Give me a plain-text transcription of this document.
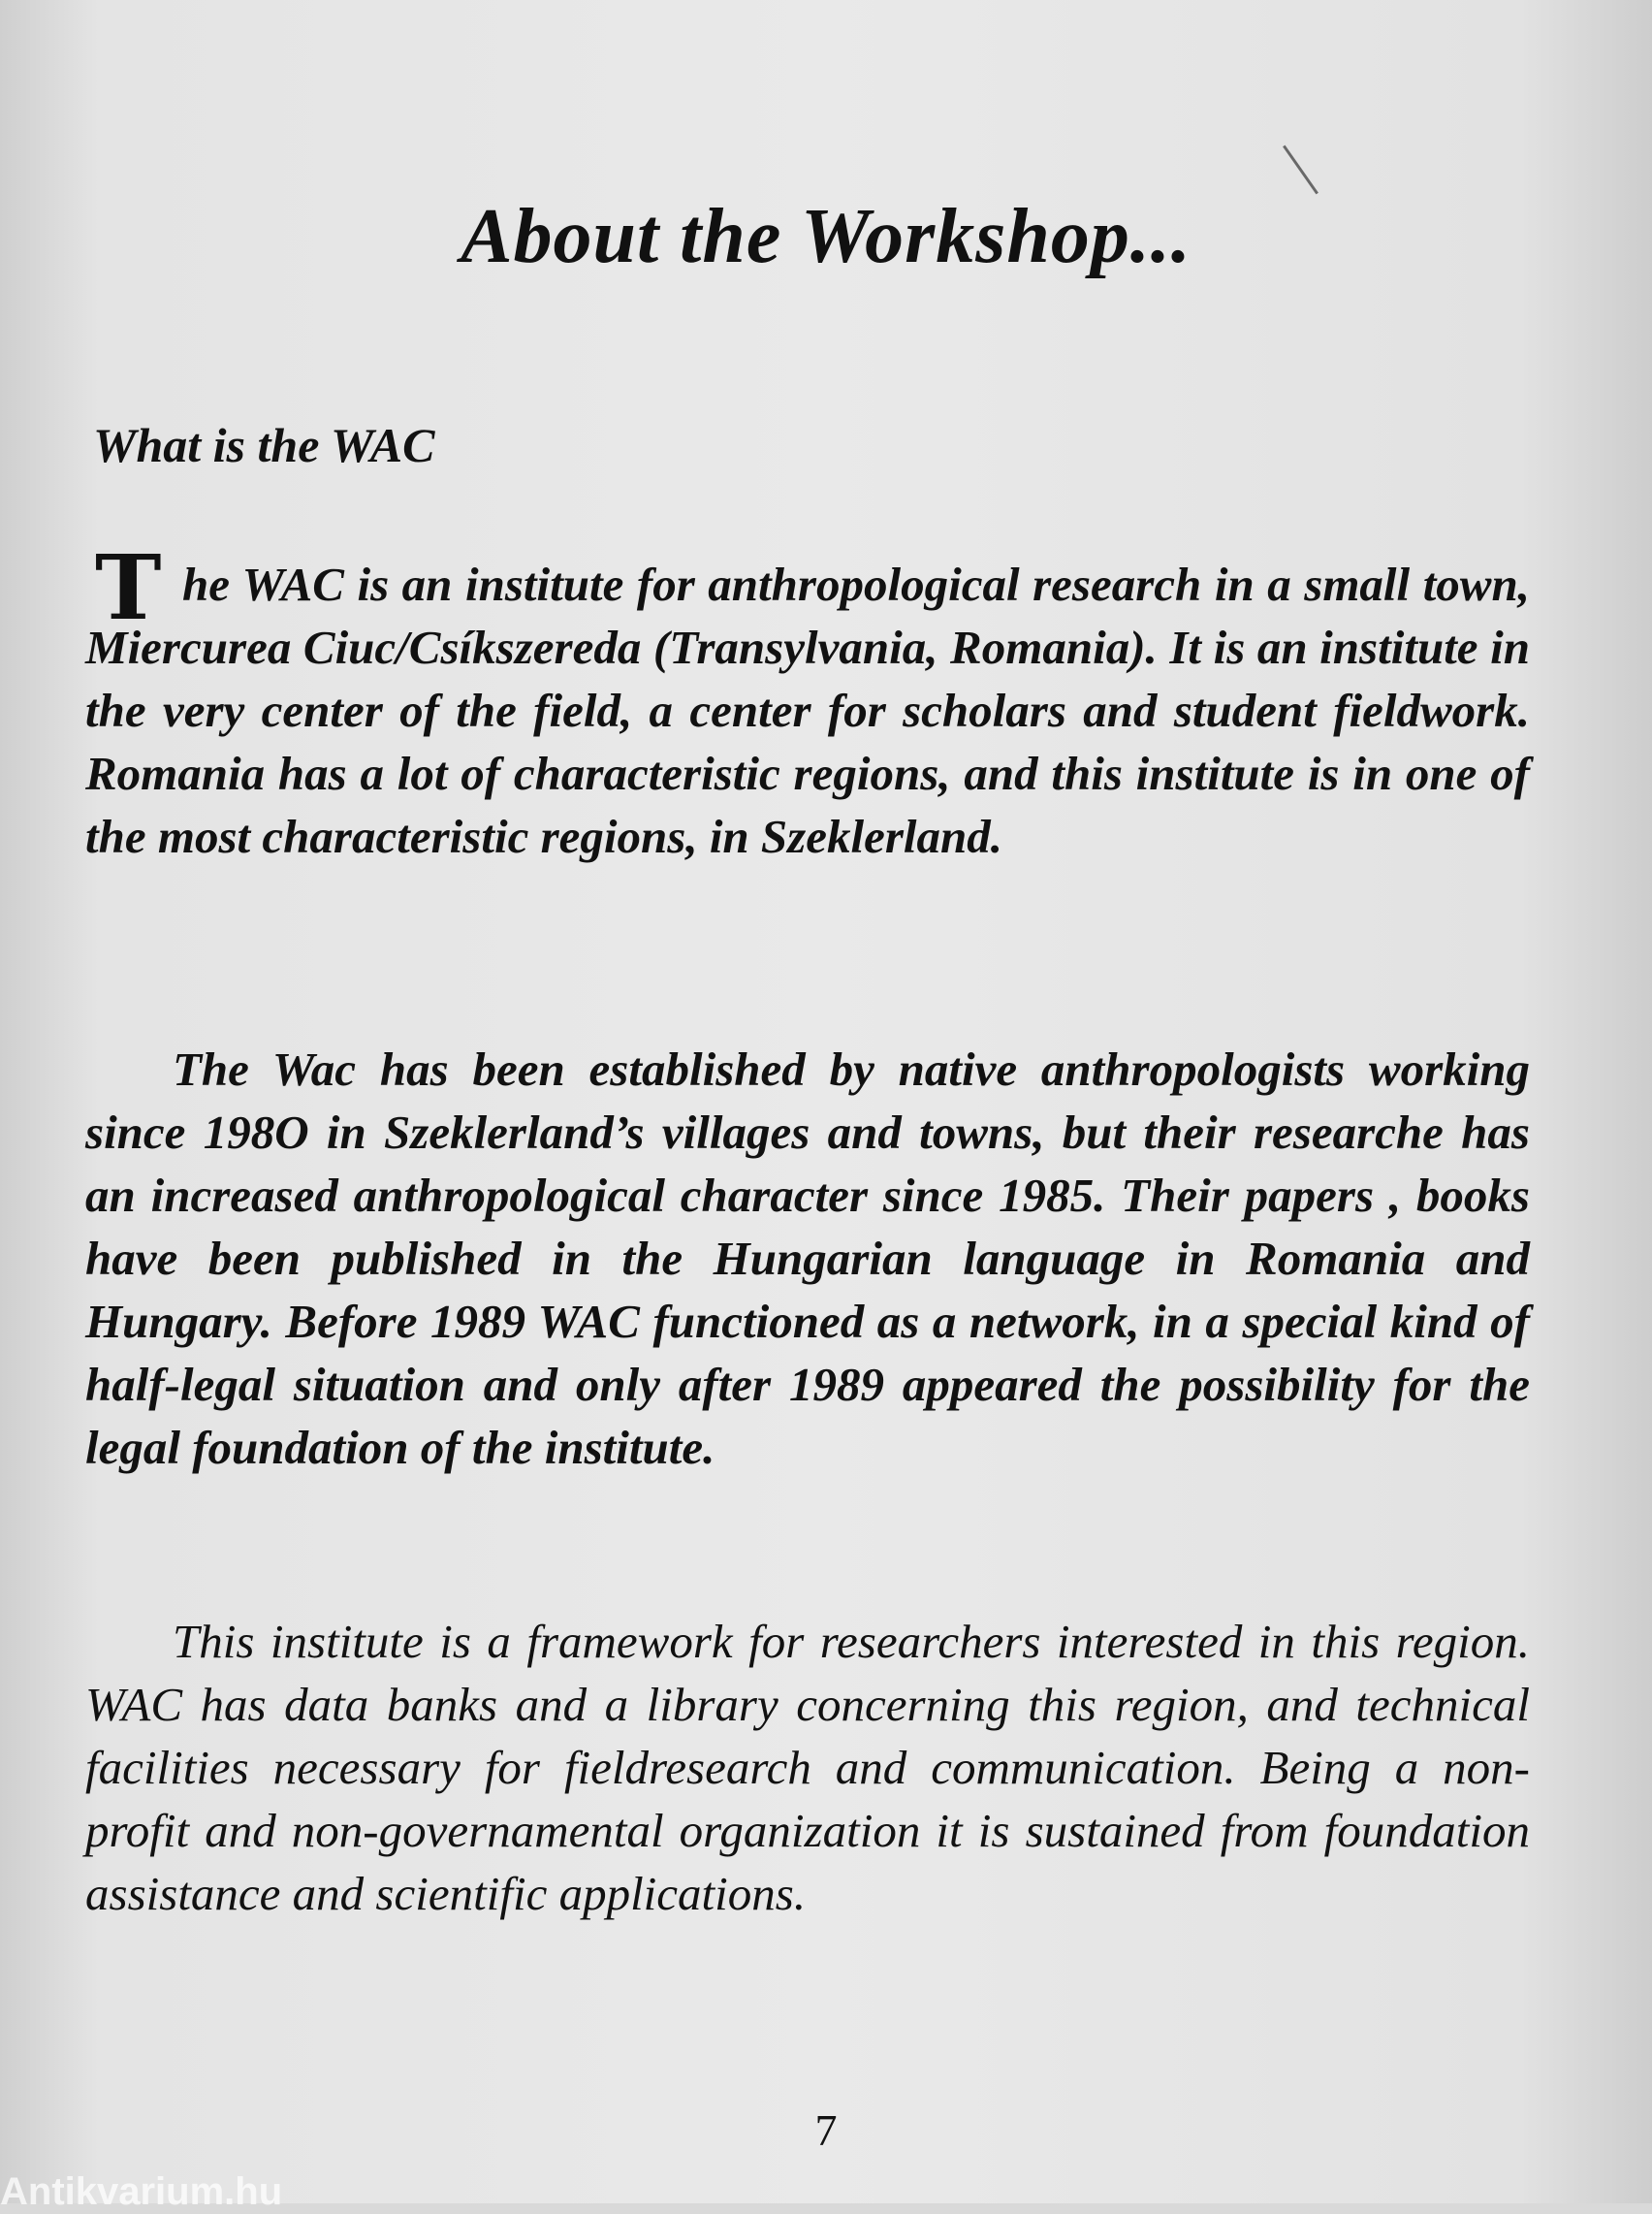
About the Workshop...
What is the WAC
T he WAC is an institute for anthropological research in a small town, Miercurea Ciuc/Csíkszereda (Transylvania, Romania). It is an institute in the very center of the field, a center for scholars and student fieldwork. Romania has a lot of characteristic regions, and this institute is in one of the most characteristic regions, in Szeklerland.
The Wac has been established by native anthropologists working since 198O in Szeklerland’s villages and towns, but their researche has an increased anthropological character since 1985. Their papers , books have been published in the Hungarian language in Romania and Hungary. Before 1989 WAC functioned as a network, in a special kind of half-legal situation and only after 1989 appeared the possibility for the legal foundation of the institute.
This institute is a framework for researchers interested in this region. WAC has data banks and a library concerning this region, and technical facilities necessary for fieldresearch and communication. Being a non-profit and non-governamental organization it is sustained from foundation assistance and scientific applications.
7
Antikvarium.hu
